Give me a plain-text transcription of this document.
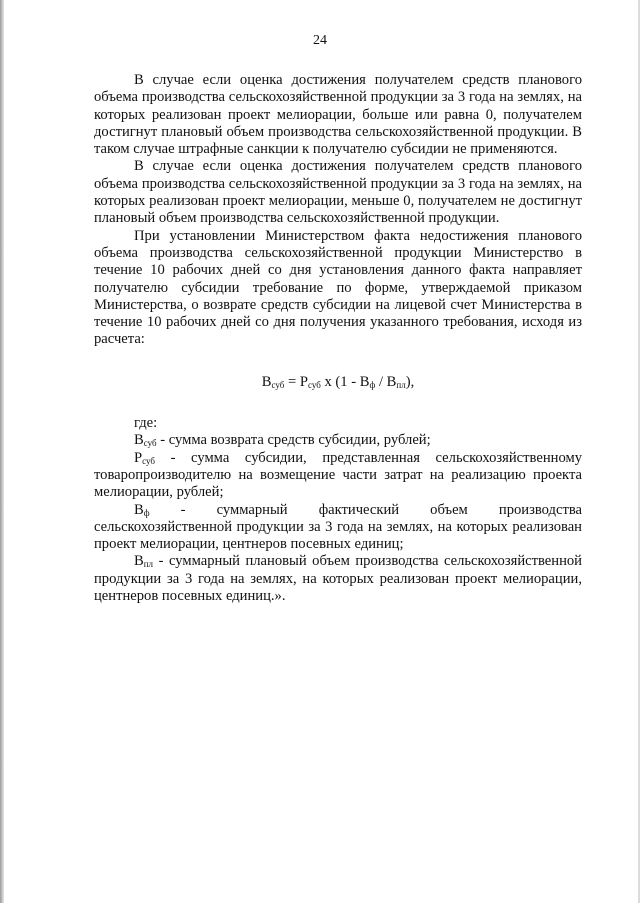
24

В случае если оценка достижения получателем средств планового объема производства сельскохозяйственной продукции за 3 года на землях, на которых реализован проект мелиорации, больше или равна 0, получателем достигнут плановый объем производства сельскохозяйственной продукции. В таком случае штрафные санкции к получателю субсидии не применяются.

В случае если оценка достижения получателем средств планового объема производства сельскохозяйственной продукции за 3 года на землях, на которых реализован проект мелиорации, меньше 0, получателем не достигнут плановый объем производства сельскохозяйственной продукции.

При установлении Министерством факта недостижения планового объема производства сельскохозяйственной продукции Министерство в течение 10 рабочих дней со дня установления данного факта направляет получателю субсидии требование по форме, утверждаемой приказом Министерства, о возврате средств субсидии на лицевой счет Министерства в течение 10 рабочих дней со дня получения указанного требования, исходя из расчета:

$В_{суб} = Р_{суб}$ х $(1 - В_ф / В_{пл})$,

где:

$В_{суб}$ - сумма возврата средств субсидии, рублей;

$Р_{суб}$ - сумма субсидии, представленная сельскохозяйственному товаропроизводителю на возмещение части затрат на реализацию проекта мелиорации, рублей;

$В_ф$ - суммарный фактический объем производства сельскохозяйственной продукции за 3 года на землях, на которых реализован проект мелиорации, центнеров посевных единиц;

$В_{пл}$ - суммарный плановый объем производства сельскохозяйственной продукции за 3 года на землях, на которых реализован проект мелиорации, центнеров посевных единиц.».
